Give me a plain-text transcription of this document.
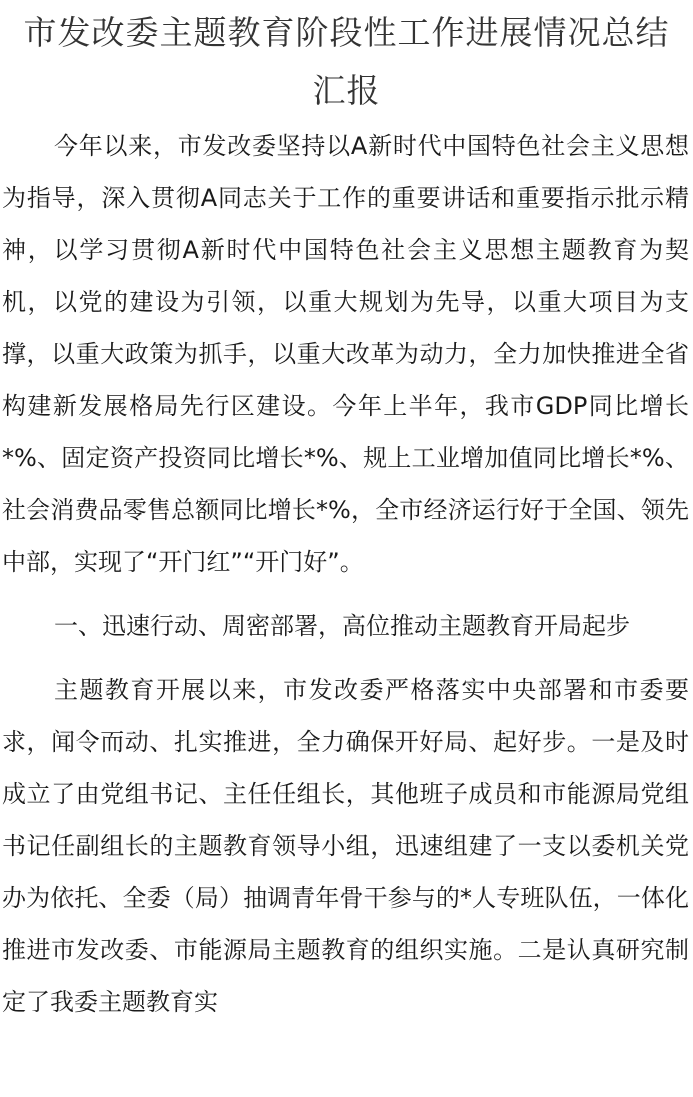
市发改委主题教育阶段性工作进展情况总结汇报

今年以来，市发改委坚持以A新时代中国特色社会主义思想为指导，深入贯彻A同志关于工作的重要讲话和重要指示批示精神，以学习贯彻A新时代中国特色社会主义思想主题教育为契机，以党的建设为引领，以重大规划为先导，以重大项目为支撑，以重大政策为抓手，以重大改革为动力，全力加快推进全省构建新发展格局先行区建设。今年上半年，我市GDP同比增长*%、固定资产投资同比增长*%、规上工业增加值同比增长*%、社会消费品零售总额同比增长*%，全市经济运行好于全国、领先中部，实现了“开门红”“开门好”。

一、迅速行动、周密部署，高位推动主题教育开局起步

主题教育开展以来，市发改委严格落实中央部署和市委要求，闻令而动、扎实推进，全力确保开好局、起好步。一是及时成立了由党组书记、主任任组长，其他班子成员和市能源局党组书记任副组长的主题教育领导小组，迅速组建了一支以委机关党办为依托、全委（局）抽调青年骨干参与的*人专班队伍，一体化推进市发改委、市能源局主题教育的组织实施。二是认真研究制定了我委主题教育实
